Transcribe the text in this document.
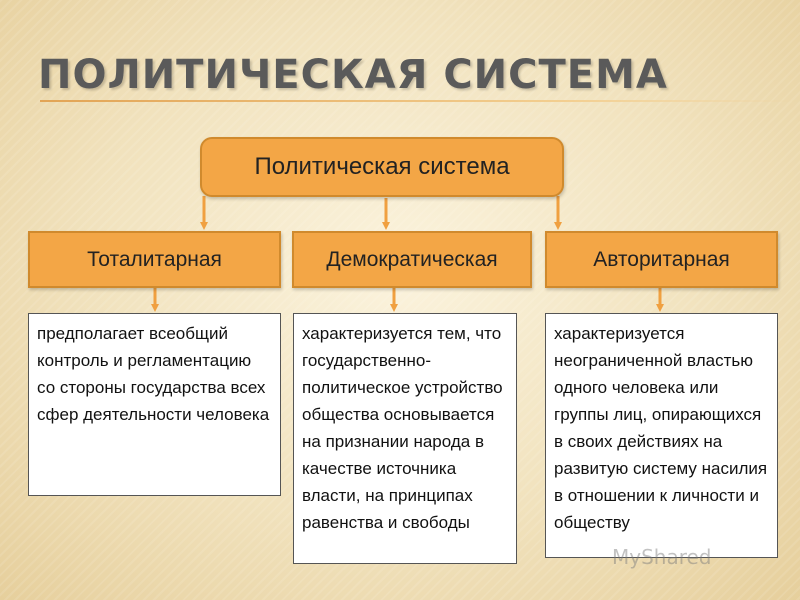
ПОЛИТИЧЕСКАЯ СИСТЕМА
Политическая система
Тоталитарная	Демократическая	Авторитарная
предполагает всеобщий контроль и регламентацию со стороны государства всех сфер деятельности человека
характеризуется тем, что государственно-политическое устройство общества основывается на признании народа в качестве источника власти, на принципах равенства и свободы
характеризуется неограниченной властью одного человека или группы лиц, опирающихся в своих действиях на развитую систему насилия в отношении к личности и обществу
MyShared
